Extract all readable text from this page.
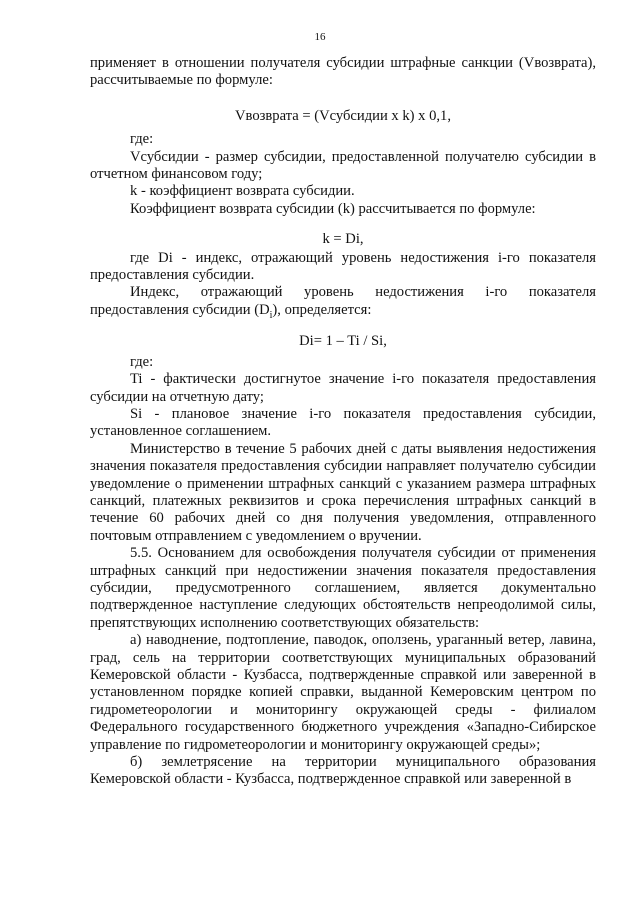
16

применяет в отношении получателя субсидии штрафные санкции (Vвозврата), рассчитываемые по формуле:

Vвозврата = (Vсубсидии x k) x 0,1,

где:

Vсубсидии - размер субсидии, предоставленной получателю субсидии в отчетном финансовом году;

k - коэффициент возврата субсидии.

Коэффициент возврата субсидии (k) рассчитывается по формуле:

k = Di,

где Di - индекс, отражающий уровень недостижения i-го показателя предоставления субсидии.

Индекс, отражающий уровень недостижения i-го показателя предоставления субсидии $(D_i)$, определяется:

Di= 1 – Ti / Si,

где:

Ti - фактически достигнутое значение i-го показателя предоставления субсидии на отчетную дату;

Si - плановое значение i-го показателя предоставления субсидии, установленное соглашением.

Министерство в течение 5 рабочих дней с даты выявления недостижения значения показателя предоставления субсидии направляет получателю субсидии уведомление о применении штрафных санкций с указанием размера штрафных санкций, платежных реквизитов и срока перечисления штрафных санкций в течение 60 рабочих дней со дня получения уведомления, отправленного почтовым отправлением с уведомлением о вручении.

5.5. Основанием для освобождения получателя субсидии от применения штрафных санкций при недостижении значения показателя предоставления субсидии, предусмотренного соглашением, является документально подтвержденное наступление следующих обстоятельств непреодолимой силы, препятствующих исполнению соответствующих обязательств:

а) наводнение, подтопление, паводок, оползень, ураганный ветер, лавина, град, сель на территории соответствующих муниципальных образований Кемеровской области - Кузбасса, подтвержденные справкой или заверенной в установленном порядке копией справки, выданной Кемеровским центром по гидрометеорологии и мониторингу окружающей среды - филиалом Федерального государственного бюджетного учреждения «Западно-Сибирское управление по гидрометеорологии и мониторингу окружающей среды»;

б) землетрясение на территории муниципального образования Кемеровской области - Кузбасса, подтвержденное справкой или заверенной в
